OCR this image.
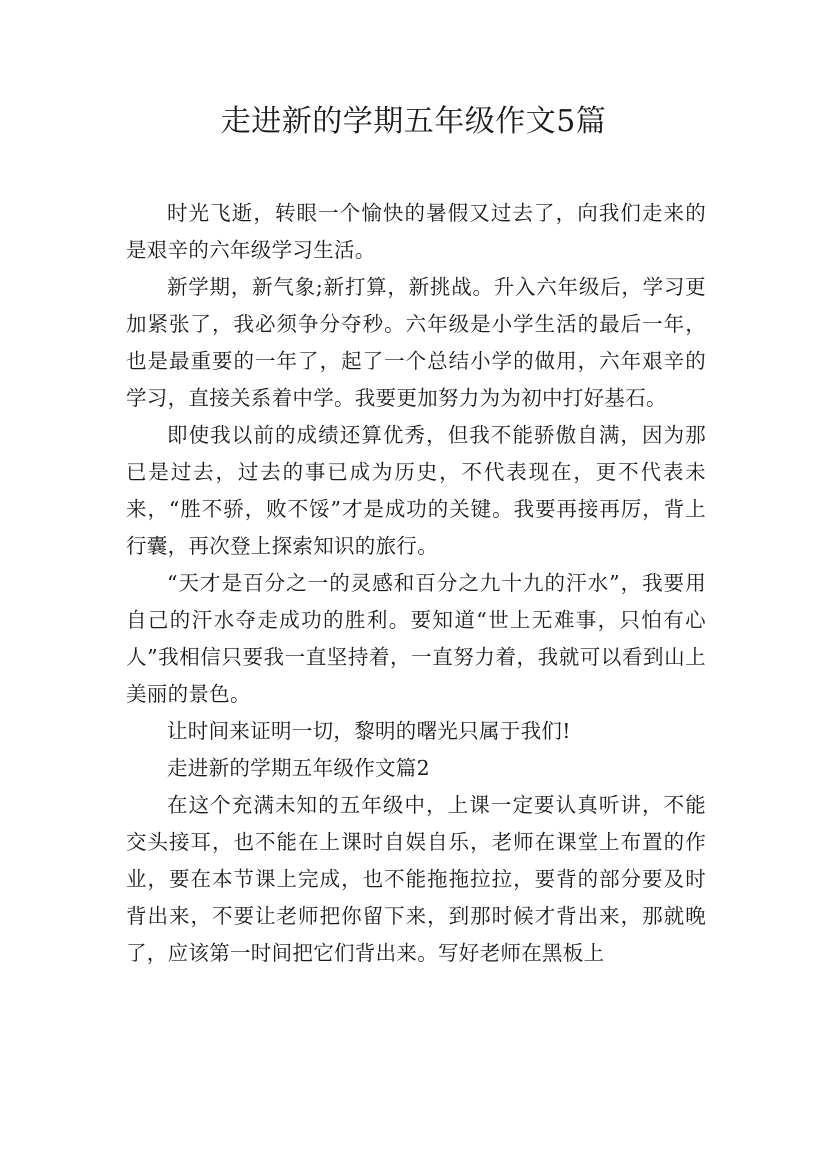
走进新的学期五年级作文5篇

时光飞逝，转眼一个愉快的暑假又过去了，向我们走来的是艰辛的六年级学习生活。

新学期，新气象;新打算，新挑战。升入六年级后，学习更加紧张了，我必须争分夺秒。六年级是小学生活的最后一年，也是最重要的一年了，起了一个总结小学的做用，六年艰辛的学习，直接关系着中学。我要更加努力为为初中打好基石。

即使我以前的成绩还算优秀，但我不能骄傲自满，因为那已是过去，过去的事已成为历史，不代表现在，更不代表未来，“胜不骄，败不馁”才是成功的关键。我要再接再厉，背上行囊，再次登上探索知识的旅行。

“天才是百分之一的灵感和百分之九十九的汗水”，我要用自己的汗水夺走成功的胜利。要知道“世上无难事，只怕有心人”我相信只要我一直坚持着，一直努力着，我就可以看到山上美丽的景色。

让时间来证明一切，黎明的曙光只属于我们!

走进新的学期五年级作文篇2

在这个充满未知的五年级中，上课一定要认真听讲，不能交头接耳，也不能在上课时自娱自乐，老师在课堂上布置的作业，要在本节课上完成，也不能拖拖拉拉，要背的部分要及时背出来，不要让老师把你留下来，到那时候才背出来，那就晚了，应该第一时间把它们背出来。写好老师在黑板上
